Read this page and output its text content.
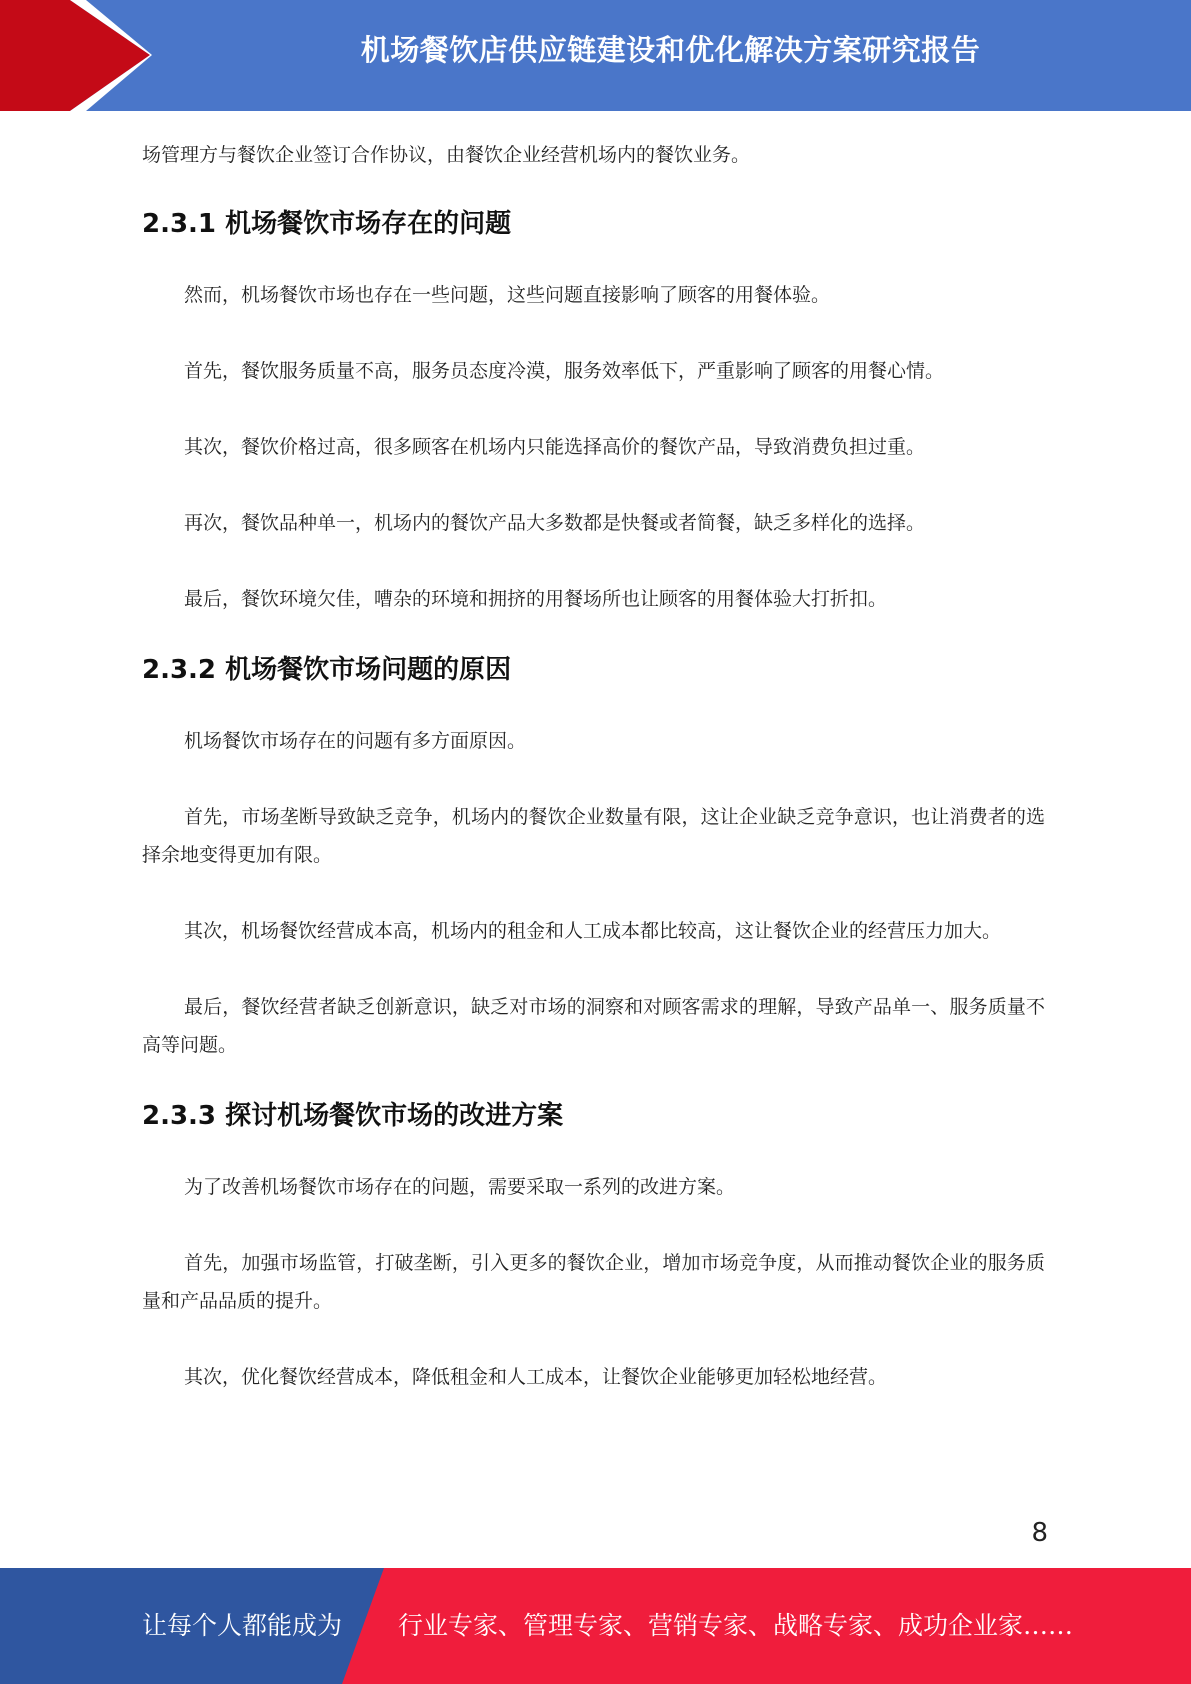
机场餐饮店供应链建设和优化解决方案研究报告

场管理方与餐饮企业签订合作协议，由餐饮企业经营机场内的餐饮业务。

2.3.1 机场餐饮市场存在的问题

然而，机场餐饮市场也存在一些问题，这些问题直接影响了顾客的用餐体验。

首先，餐饮服务质量不高，服务员态度冷漠，服务效率低下，严重影响了顾客的用餐心情。

其次，餐饮价格过高，很多顾客在机场内只能选择高价的餐饮产品，导致消费负担过重。

再次，餐饮品种单一，机场内的餐饮产品大多数都是快餐或者简餐，缺乏多样化的选择。

最后，餐饮环境欠佳，嘈杂的环境和拥挤的用餐场所也让顾客的用餐体验大打折扣。

2.3.2 机场餐饮市场问题的原因

机场餐饮市场存在的问题有多方面原因。

首先，市场垄断导致缺乏竞争，机场内的餐饮企业数量有限，这让企业缺乏竞争意识，也让消费者的选择余地变得更加有限。

其次，机场餐饮经营成本高，机场内的租金和人工成本都比较高，这让餐饮企业的经营压力加大。

最后，餐饮经营者缺乏创新意识，缺乏对市场的洞察和对顾客需求的理解，导致产品单一、服务质量不高等问题。

2.3.3 探讨机场餐饮市场的改进方案

为了改善机场餐饮市场存在的问题，需要采取一系列的改进方案。

首先，加强市场监管，打破垄断，引入更多的餐饮企业，增加市场竞争度，从而推动餐饮企业的服务质量和产品品质的提升。

其次，优化餐饮经营成本，降低租金和人工成本，让餐饮企业能够更加轻松地经营。

8
让每个人都能成为 行业专家、管理专家、营销专家、战略专家、成功企业家……
